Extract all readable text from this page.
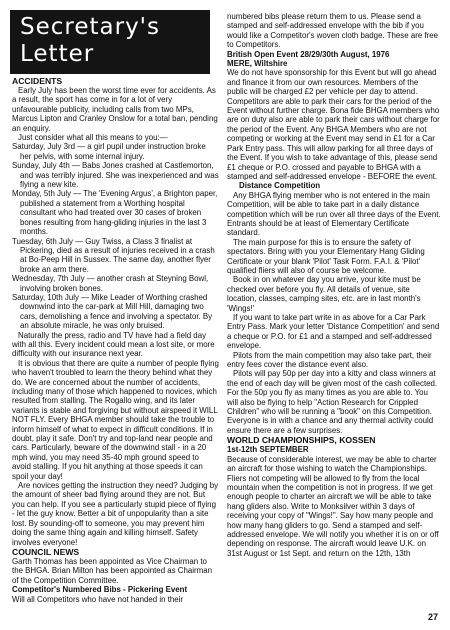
Secretary's
Letter

ACCIDENTS

Early July has been the worst time ever for accidents. As a result, the sport has come in for a lot of very unfavourable publicity, including calls from two MPs, Marcus Lipton and Cranley Onslow for a total ban, pending an enquiry.

Just consider what all this means to you:—

Saturday, July 3rd — a girl pupil under instruction broke her pelvis, with some internal injury.

Sunday, July 4th — Babs Jones crashed at Castlemorton, and was terribly injured. She was inexperienced and was flying a new kite.

Monday, 5th July — The 'Evening Argus', a Brighton paper, published a statement from a Worthing hospital consultant who had treated over 30 cases of broken bones resulting from hang-gliding injuries in the last 3 months.

Tuesday, 6th July — Guy Twiss, a Class 3 finalist at Pickering, died as a result of injuries received in a crash at Bo-Peep Hill in Sussex. The same day, another flyer broke an arm there.

Wednesday, 7th July — another crash at Steyning Bowl, involving broken bones.

Saturday, 10th July — Mike Leader of Worthing crashed downwind into the car-park at Mill Hill, damaging two cars, demolishing a fence and involving a spectator. By an absolute miracle, he was only bruised.

Naturally the press, radio and TV have had a field day with all this. Every incident could mean a lost site, or more difficulty with our insurance next year.

It is obvious that there are quite a number of people flying who haven't troubled to learn the theory behind what they do. We are concerned about the number of accidents, including many of those which happened to novices, which resulted from stalling. The Rogallo wing, and its later variants is stable and forgiving but without airspeed it WILL NOT FLY. Every BHGA member should take the trouble to inform himself of what to expect in difficult conditions. If in doubt, play it safe. Don't try and top-land near people and cars. Particularly, beware of the downwind stall - in a 20 mph wind, you may need 35-40 mph ground speed to avoid stalling. If you hit anything at those speeds it can spoil your day!

Are novices getting the instruction they need? Judging by the amount of sheer bad flying around they are not. But you can help. If you see a particularly stupid piece of flying - let the guy know. Better a bit of unpopularity than a site lost. By sounding-off to someone, you may prevent him doing the same thing again and killing himself. Safety involves everyone!

COUNCIL NEWS

Garth Thomas has been appointed as Vice Chairman to the BHGA. Brian Milton has been appointed as Chairman of the Competition Committee.

Competitor's Numbered Bibs - Pickering Event

Will all Competitors who have not handed in their

numbered bibs please return them to us. Please send a stamped and self-addressed envelope with the bib if you would like a Competitor's woven cloth badge. These are free to Competitors.

British Open Event 28/29/30th August, 1976

MERE, Wiltshire

We do not have sponsorship for this Event but will go ahead and finance it from our own resources. Members of the public will be charged £2 per vehicle per day to attend. Competitors are able to park their cars for the period of the Event without further charge. Bona fide BHGA members who are on duty also are able to park their cars without charge for the period of the Event. Any BHGA Members who are not competing or working at the Event may send in £1 for a Car Park Entry pass. This will allow parking for all three days of the Event. If you wish to take advantage of this, please send £1 cheque or P.O. crossed and payable to BHGA with a stamped and self-addressed envelope - BEFORE the event.

Distance Competition

Any BHGA flying member who is not entered in the main Competition, will be able to take part in a daily distance competition which will be run over all three days of the Event. Entrants should be at least of Elementary Certificate standard.

The main purpose for this is to ensure the safety of spectators. Bring with you your Elementary Hang Gliding Certificate or your blank 'Pilot' Task Form. F.A.I. & 'Pilot' qualified fliers will also of course be welcome.

Book in on whatever day you arrive, your kite must be checked over before you fly. All details of venue, site location, classes, camping sites, etc. are in last month's 'Wings!'

If you want to take part write in as above for a Car Park Entry Pass. Mark your letter 'Distance Competition' and send a cheque or P.O. for £1 and a stamped and self-addressed envelope.

Pilots from the main competition may also take part, their entry fees cover the distance event also.

Pilots will pay 50p per day into a kitty and class winners at the end of each day will be given most of the cash collected. For the 50p you fly as many times as you are able to. You will also be flying to help "Action Research for Crippled Children" who will be running a "book" on this Competition. Everyone is in with a chance and any thermal activity could ensure there are a few surprises.

WORLD CHAMPIONSHIPS, KOSSEN

1st-12th SEPTEMBER

Because of considerable interest, we may be able to charter an aircraft for those wishing to watch the Championships. Fliers not competing will be allowed to fly from the local mountain when the competition is not in progress. If we get enough people to charter an aircraft we will be able to take hang gliders also. Write to Monksilver within 3 days of receiving your copy of "Wings!". Say how many people and how many hang gliders to go. Send a stamped and self-addressed envelope. We will notify you whether it is on or off depending on response. The aircraft would leave U.K. on 31st August or 1st Sept. and return on the 12th, 13th

27
